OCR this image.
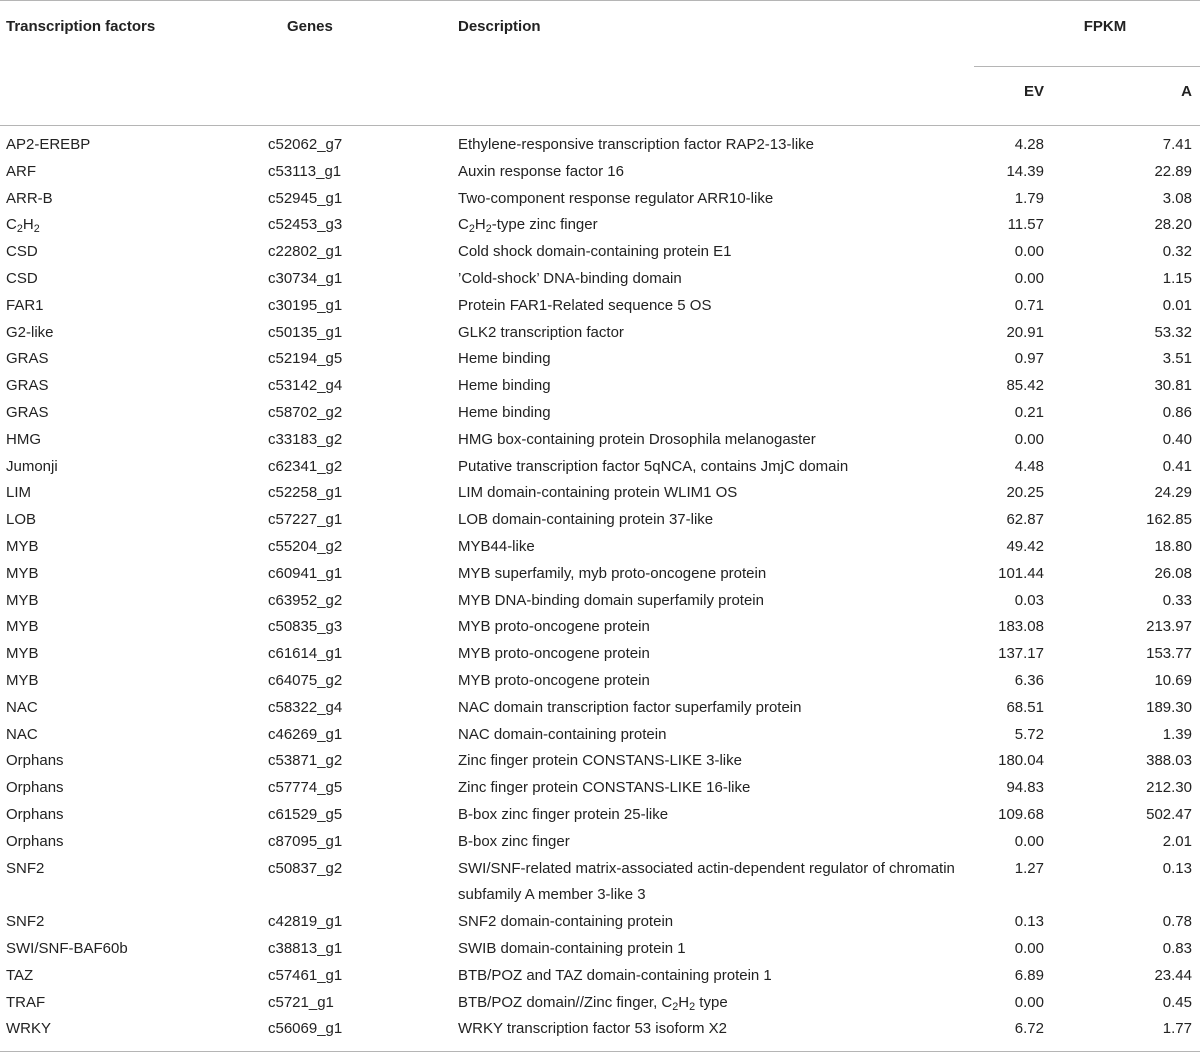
Transcription factors	Genes	Description	FPKM	
			EV	A
AP2-EREBP	c52062_g7	Ethylene-responsive transcription factor RAP2-13-like	4.28	7.41
ARF	c53113_g1	Auxin response factor 16	14.39	22.89
ARR-B	c52945_g1	Two-component response regulator ARR10-like	1.79	3.08
$C_2H_2$	c52453_g3	$C_2H_2$-type zinc finger	11.57	28.20
CSD	c22802_g1	Cold shock domain-containing protein E1	0.00	0.32
CSD	c30734_g1	’Cold-shock’ DNA-binding domain	0.00	1.15
FAR1	c30195_g1	Protein FAR1-Related sequence 5 OS	0.71	0.01
G2-like	c50135_g1	GLK2 transcription factor	20.91	53.32
GRAS	c52194_g5	Heme binding	0.97	3.51
GRAS	c53142_g4	Heme binding	85.42	30.81
GRAS	c58702_g2	Heme binding	0.21	0.86
HMG	c33183_g2	HMG box-containing protein Drosophila melanogaster	0.00	0.40
Jumonji	c62341_g2	Putative transcription factor 5qNCA, contains JmjC domain	4.48	0.41
LIM	c52258_g1	LIM domain-containing protein WLIM1 OS	20.25	24.29
LOB	c57227_g1	LOB domain-containing protein 37-like	62.87	162.85
MYB	c55204_g2	MYB44-like	49.42	18.80
MYB	c60941_g1	MYB superfamily, myb proto-oncogene protein	101.44	26.08
MYB	c63952_g2	MYB DNA-binding domain superfamily protein	0.03	0.33
MYB	c50835_g3	MYB proto-oncogene protein	183.08	213.97
MYB	c61614_g1	MYB proto-oncogene protein	137.17	153.77
MYB	c64075_g2	MYB proto-oncogene protein	6.36	10.69
NAC	c58322_g4	NAC domain transcription factor superfamily protein	68.51	189.30
NAC	c46269_g1	NAC domain-containing protein	5.72	1.39
Orphans	c53871_g2	Zinc finger protein CONSTANS-LIKE 3-like	180.04	388.03
Orphans	c57774_g5	Zinc finger protein CONSTANS-LIKE 16-like	94.83	212.30
Orphans	c61529_g5	B-box zinc finger protein 25-like	109.68	502.47
Orphans	c87095_g1	B-box zinc finger	0.00	2.01
SNF2	c50837_g2	SWI/SNF-related matrix-associated actin-dependent regulator of chromatin subfamily A member 3-like 3	1.27	0.13
SNF2	c42819_g1	SNF2 domain-containing protein	0.13	0.78
SWI/SNF-BAF60b	c38813_g1	SWIB domain-containing protein 1	0.00	0.83
TAZ	c57461_g1	BTB/POZ and TAZ domain-containing protein 1	6.89	23.44
TRAF	c5721_g1	BTB/POZ domain//Zinc finger, $C_2H_2$ type	0.00	0.45
WRKY	c56069_g1	WRKY transcription factor 53 isoform X2	6.72	1.77
